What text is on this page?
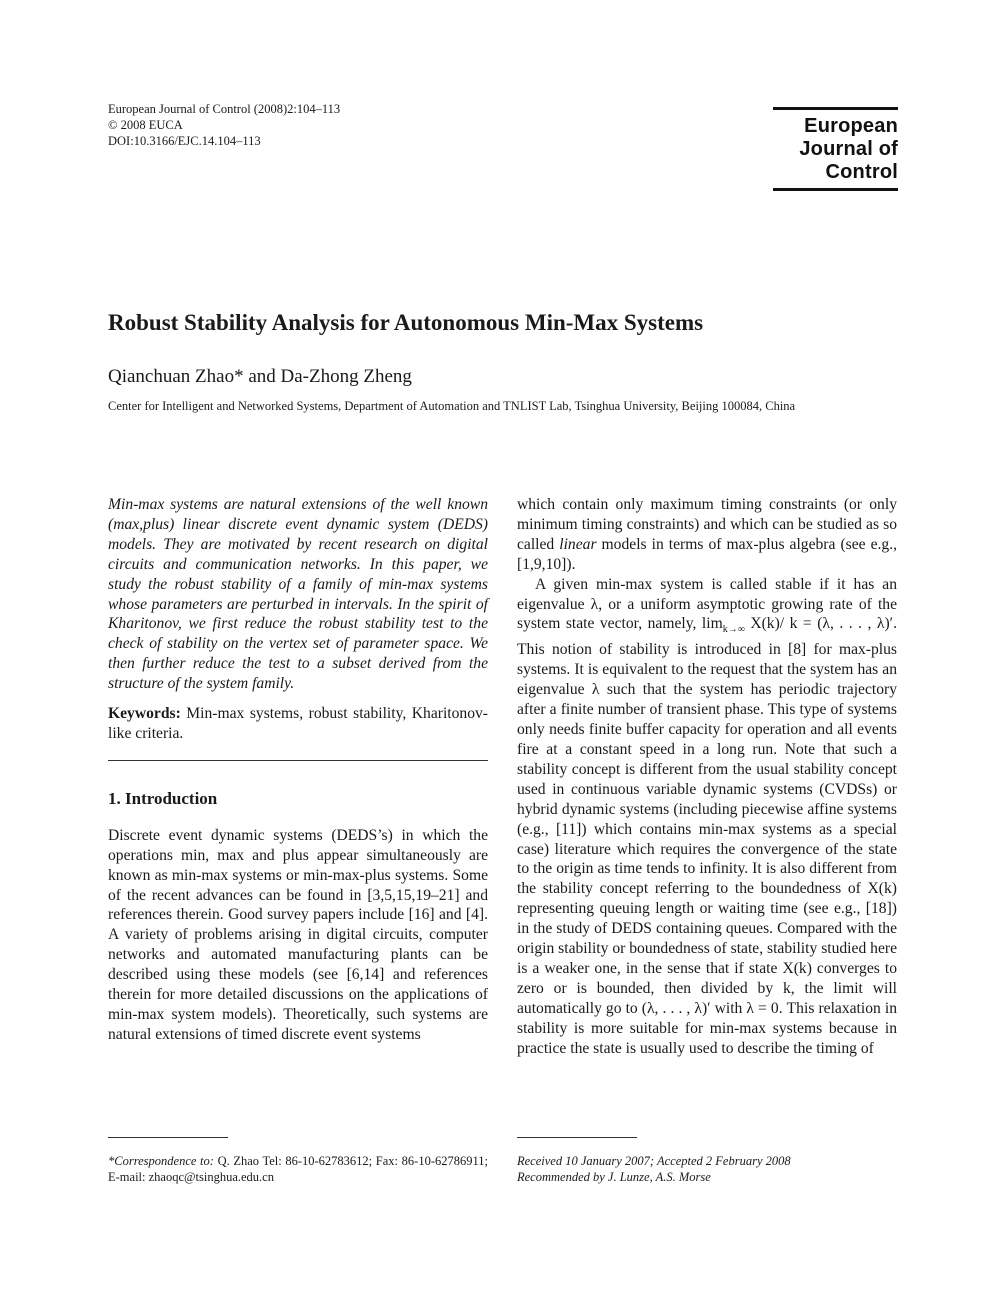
European Journal of Control (2008)2:104–113
© 2008 EUCA
DOI:10.3166/EJC.14.104–113
European
Journal of
Control
Robust Stability Analysis for Autonomous Min-Max Systems
Qianchuan Zhao* and Da-Zhong Zheng
Center for Intelligent and Networked Systems, Department of Automation and TNLIST Lab, Tsinghua University, Beijing 100084, China

Min-max systems are natural extensions of the well known (max,plus) linear discrete event dynamic system (DEDS) models. They are motivated by recent research on digital circuits and communication networks. In this paper, we study the robust stability of a family of min-max systems whose parameters are perturbed in intervals. In the spirit of Kharitonov, we first reduce the robust stability test to the check of stability on the vertex set of parameter space. We then further reduce the test to a subset derived from the structure of the system family.

Keywords: Min-max systems, robust stability, Kharitonov-like criteria.

1. Introduction

Discrete event dynamic systems (DEDS’s) in which the operations min, max and plus appear simultaneously are known as min-max systems or min-max-plus systems. Some of the recent advances can be found in [3,5,15,19–21] and references therein. Good survey papers include [16] and [4]. A variety of problems arising in digital circuits, computer networks and automated manufacturing plants can be described using these models (see [6,14] and references therein for more detailed discussions on the applications of min-max system models). Theoretically, such systems are natural extensions of timed discrete event systems

which contain only maximum timing constraints (or only minimum timing constraints) and which can be studied as so called linear models in terms of max-plus algebra (see e.g., [1,9,10]).

A given min-max system is called stable if it has an eigenvalue λ, or a uniform asymptotic growing rate of the system state vector, namely, $\lim_{k\to\infty} X(k)/$ k = (λ, . . . , λ)′. This notion of stability is introduced in [8] for max-plus systems. It is equivalent to the request that the system has an eigenvalue λ such that the system has periodic trajectory after a finite number of transient phase. This type of systems only needs finite buffer capacity for operation and all events fire at a constant speed in a long run. Note that such a stability concept is different from the usual stability concept used in continuous variable dynamic systems (CVDSs) or hybrid dynamic systems (including piecewise affine systems (e.g., [11]) which contains min-max systems as a special case) literature which requires the convergence of the state to the origin as time tends to infinity. It is also different from the stability concept referring to the boundedness of X(k) representing queuing length or waiting time (see e.g., [18]) in the study of DEDS containing queues. Compared with the origin stability or boundedness of state, stability studied here is a weaker one, in the sense that if state X(k) converges to zero or is bounded, then divided by k, the limit will automatically go to (λ, . . . , λ)′ with λ = 0. This relaxation in stability is more suitable for min-max systems because in practice the state is usually used to describe the timing of

*Correspondence to: Q. Zhao Tel: 86-10-62783612; Fax: 86-10-62786911; E-mail: zhaoqc@tsinghua.edu.cn
Received 10 January 2007; Accepted 2 February 2008
Recommended by J. Lunze, A.S. Morse
